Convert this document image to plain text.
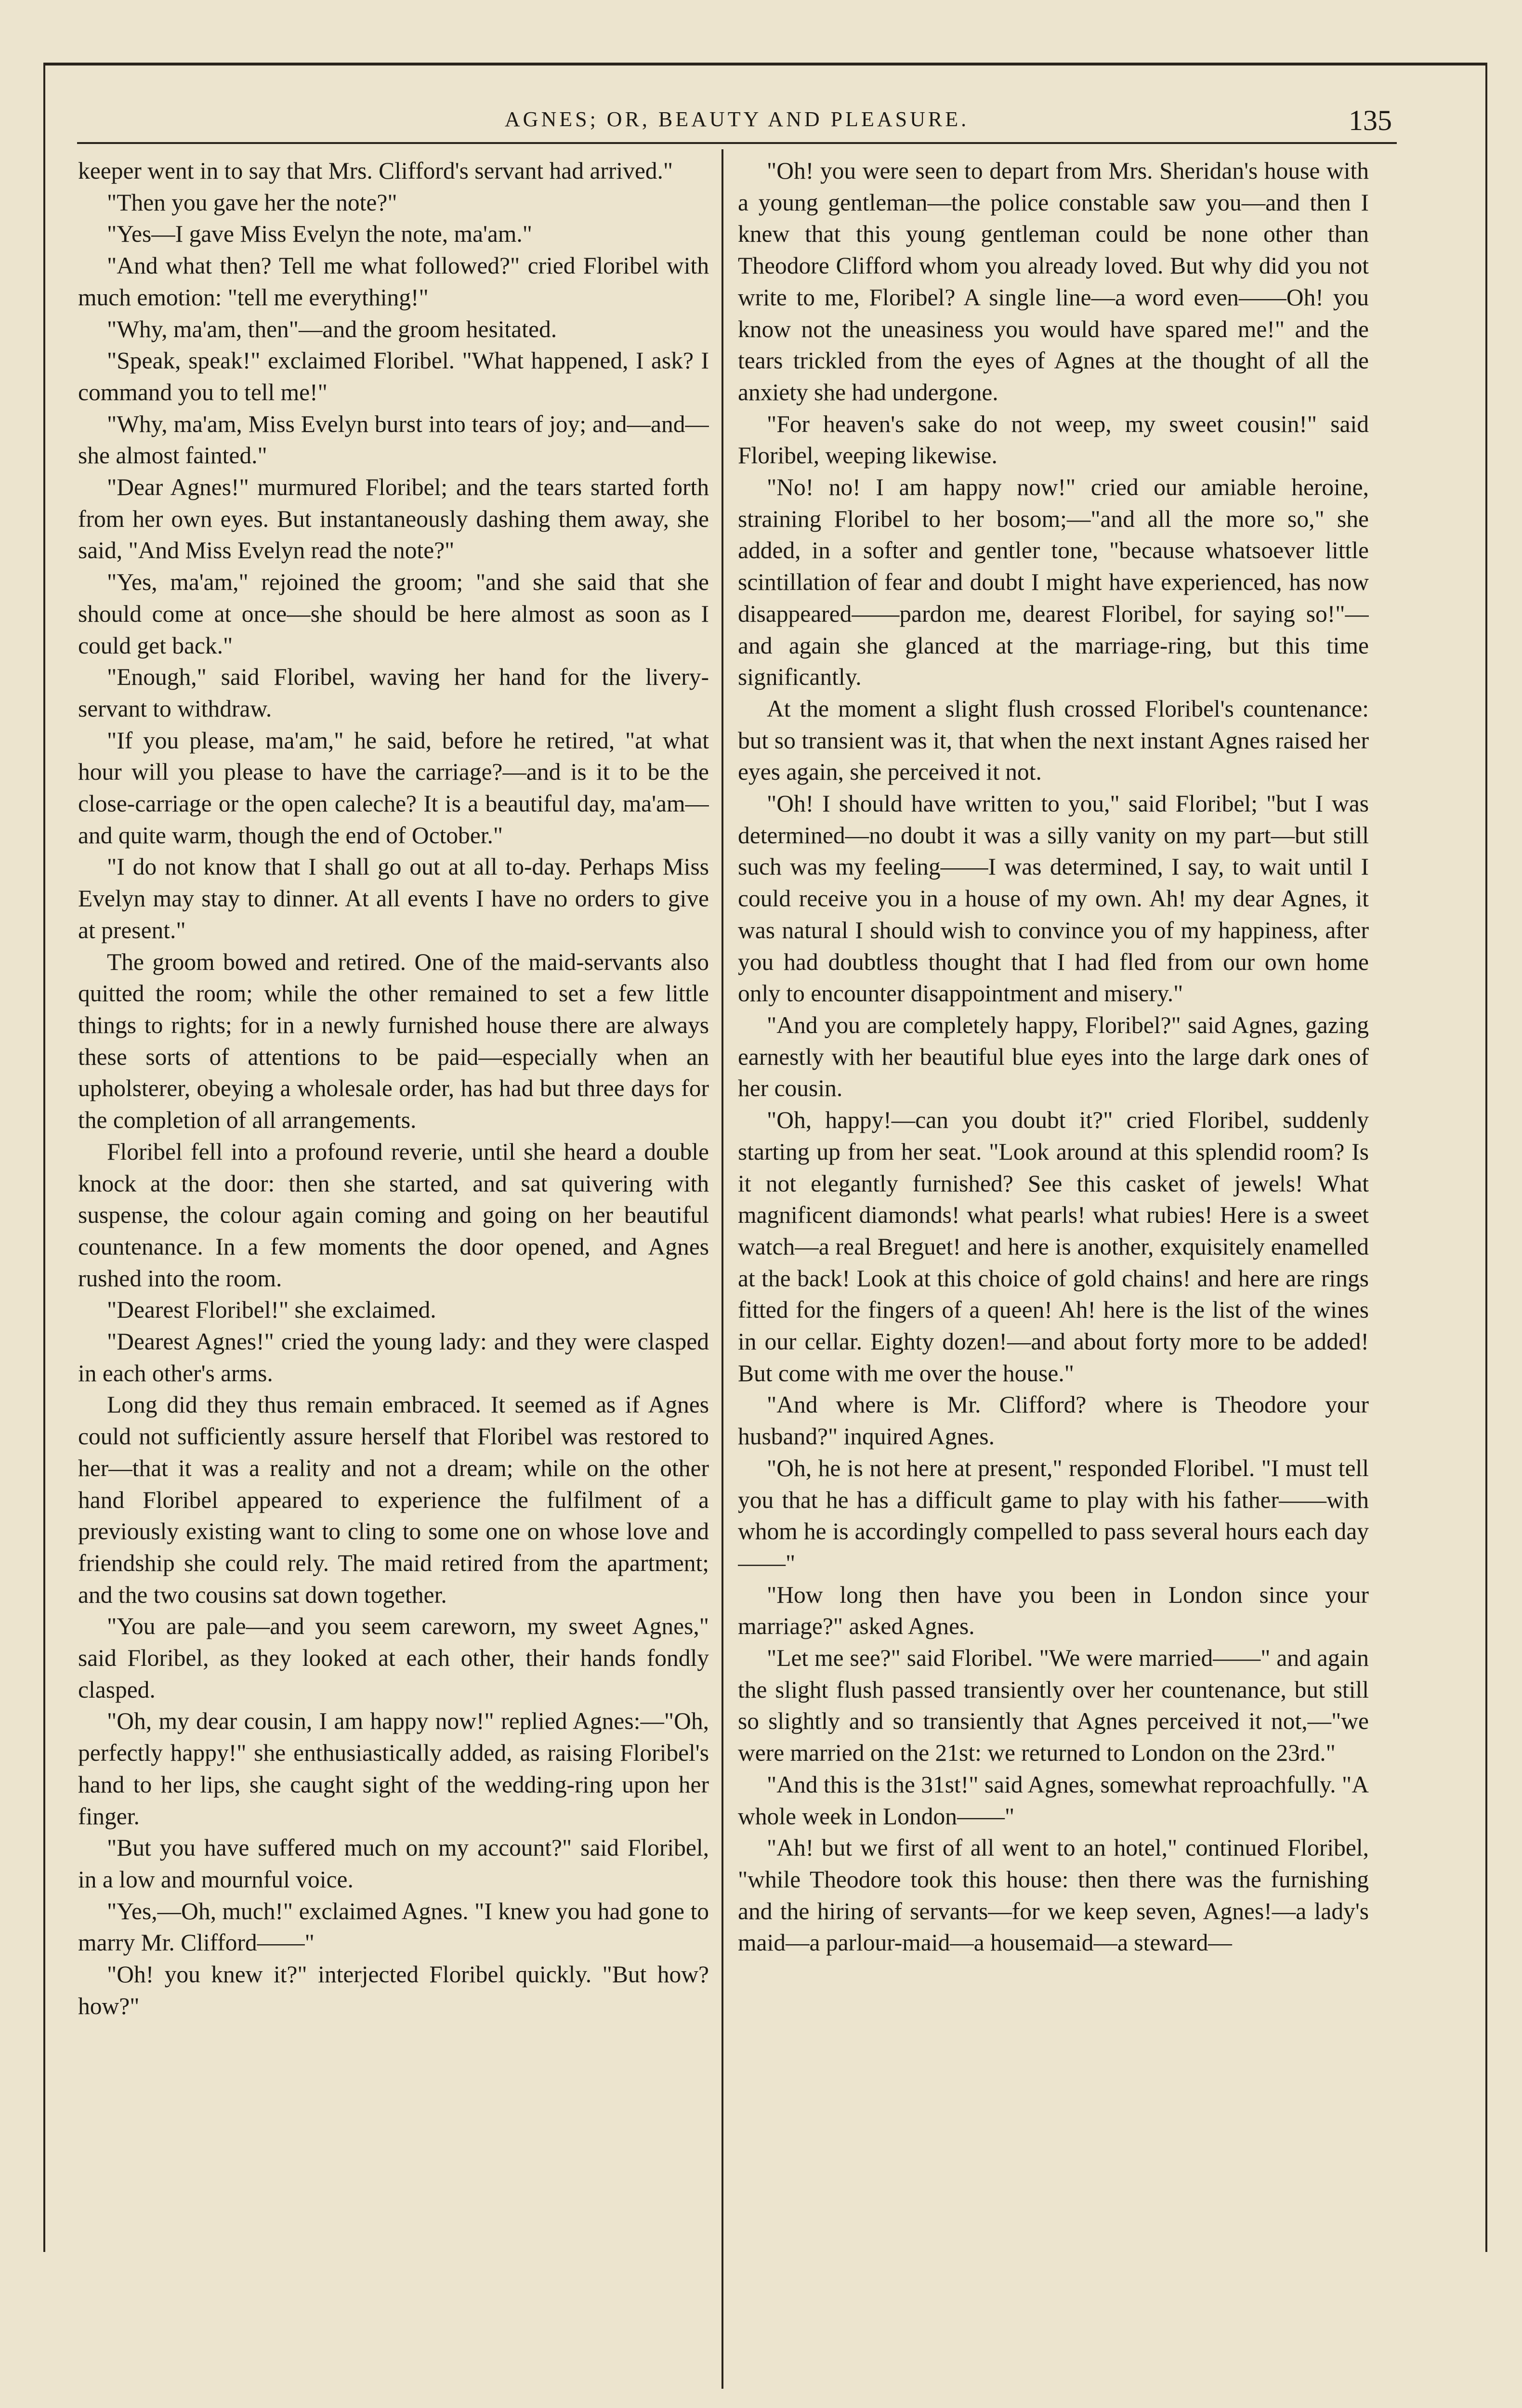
AGNES; OR, BEAUTY AND PLEASURE.	135

keeper went in to say that Mrs. Clifford's servant had arrived."

"Then you gave her the note?"

"Yes—I gave Miss Evelyn the note, ma'am."

"And what then? Tell me what followed?" cried Floribel with much emotion: "tell me everything!"

"Why, ma'am, then"—and the groom hesitated.

"Speak, speak!" exclaimed Floribel. "What happened, I ask? I command you to tell me!"

"Why, ma'am, Miss Evelyn burst into tears of joy; and—and—she almost fainted."

"Dear Agnes!" murmured Floribel; and the tears started forth from her own eyes. But instantaneously dashing them away, she said, "And Miss Evelyn read the note?"

"Yes, ma'am," rejoined the groom; "and she said that she should come at once—she should be here almost as soon as I could get back."

"Enough," said Floribel, waving her hand for the livery-servant to withdraw.

"If you please, ma'am," he said, before he retired, "at what hour will you please to have the carriage?—and is it to be the close-carriage or the open caleche? It is a beautiful day, ma'am—and quite warm, though the end of October."

"I do not know that I shall go out at all to-day. Perhaps Miss Evelyn may stay to dinner. At all events I have no orders to give at present."

The groom bowed and retired. One of the maid-servants also quitted the room; while the other remained to set a few little things to rights; for in a newly furnished house there are always these sorts of attentions to be paid—especially when an upholsterer, obeying a wholesale order, has had but three days for the completion of all arrangements.

Floribel fell into a profound reverie, until she heard a double knock at the door: then she started, and sat quivering with suspense, the colour again coming and going on her beautiful countenance. In a few moments the door opened, and Agnes rushed into the room.

"Dearest Floribel!" she exclaimed.

"Dearest Agnes!" cried the young lady: and they were clasped in each other's arms.

Long did they thus remain embraced. It seemed as if Agnes could not sufficiently assure herself that Floribel was restored to her—that it was a reality and not a dream; while on the other hand Floribel appeared to experience the fulfilment of a previously existing want to cling to some one on whose love and friendship she could rely. The maid retired from the apartment; and the two cousins sat down together.

"You are pale—and you seem careworn, my sweet Agnes," said Floribel, as they looked at each other, their hands fondly clasped.

"Oh, my dear cousin, I am happy now!" replied Agnes:—"Oh, perfectly happy!" she enthusiastically added, as raising Floribel's hand to her lips, she caught sight of the wedding-ring upon her finger.

"But you have suffered much on my account?" said Floribel, in a low and mournful voice.

"Yes,—Oh, much!" exclaimed Agnes. "I knew you had gone to marry Mr. Clifford——"

"Oh! you knew it?" interjected Floribel quickly. "But how? how?"

"Oh! you were seen to depart from Mrs. Sheridan's house with a young gentleman—the police constable saw you—and then I knew that this young gentleman could be none other than Theodore Clifford whom you already loved. But why did you not write to me, Floribel? A single line—a word even——Oh! you know not the uneasiness you would have spared me!" and the tears trickled from the eyes of Agnes at the thought of all the anxiety she had undergone.

"For heaven's sake do not weep, my sweet cousin!" said Floribel, weeping likewise.

"No! no! I am happy now!" cried our amiable heroine, straining Floribel to her bosom;—"and all the more so," she added, in a softer and gentler tone, "because whatsoever little scintillation of fear and doubt I might have experienced, has now disappeared——pardon me, dearest Floribel, for saying so!"—and again she glanced at the marriage-ring, but this time significantly.

At the moment a slight flush crossed Floribel's countenance: but so transient was it, that when the next instant Agnes raised her eyes again, she perceived it not.

"Oh! I should have written to you," said Floribel; "but I was determined—no doubt it was a silly vanity on my part—but still such was my feeling——I was determined, I say, to wait until I could receive you in a house of my own. Ah! my dear Agnes, it was natural I should wish to convince you of my happiness, after you had doubtless thought that I had fled from our own home only to encounter disappointment and misery."

"And you are completely happy, Floribel?" said Agnes, gazing earnestly with her beautiful blue eyes into the large dark ones of her cousin.

"Oh, happy!—can you doubt it?" cried Floribel, suddenly starting up from her seat. "Look around at this splendid room? Is it not elegantly furnished? See this casket of jewels! What magnificent diamonds! what pearls! what rubies! Here is a sweet watch—a real Breguet! and here is another, exquisitely enamelled at the back! Look at this choice of gold chains! and here are rings fitted for the fingers of a queen! Ah! here is the list of the wines in our cellar. Eighty dozen!—and about forty more to be added! But come with me over the house."

"And where is Mr. Clifford? where is Theodore your husband?" inquired Agnes.

"Oh, he is not here at present," responded Floribel. "I must tell you that he has a difficult game to play with his father——with whom he is accordingly compelled to pass several hours each day——"

"How long then have you been in London since your marriage?" asked Agnes.

"Let me see?" said Floribel. "We were married——" and again the slight flush passed transiently over her countenance, but still so slightly and so transiently that Agnes perceived it not,—"we were married on the 21st: we returned to London on the 23rd."

"And this is the 31st!" said Agnes, somewhat reproachfully. "A whole week in London——"

"Ah! but we first of all went to an hotel," continued Floribel, "while Theodore took this house: then there was the furnishing and the hiring of servants—for we keep seven, Agnes!—a lady's maid—a parlour-maid—a housemaid—a steward—
